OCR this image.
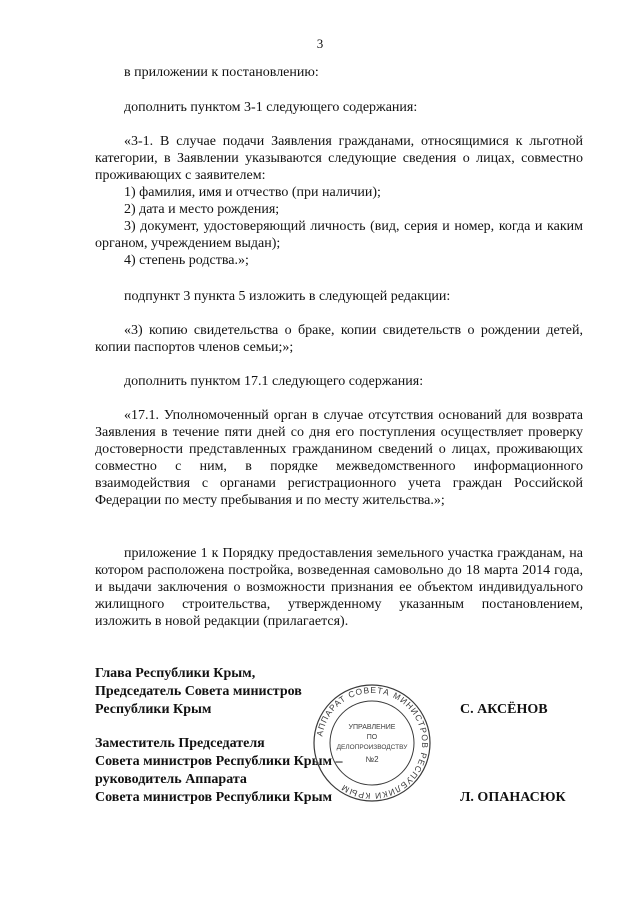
3

в приложении к постановлению:

дополнить пунктом 3-1 следующего содержания:

«3-1. В случае подачи Заявления гражданами, относящимися к льготной категории, в Заявлении указываются следующие сведения о лицах, совместно проживающих с заявителем:

1) фамилия, имя и отчество (при наличии);

2) дата и место рождения;

3) документ, удостоверяющий личность (вид, серия и номер, когда и каким органом, учреждением выдан);

4) степень родства.»;

подпункт 3 пункта 5 изложить в следующей редакции:

«3) копию свидетельства о браке, копии свидетельств о рождении детей, копии паспортов членов семьи;»;

дополнить пунктом 17.1 следующего содержания:

«17.1. Уполномоченный орган в случае отсутствия оснований для возврата Заявления в течение пяти дней со дня его поступления осуществляет проверку достоверности представленных гражданином сведений о лицах, проживающих совместно с ним, в порядке межведомственного информационного взаимодействия с органами регистрационного учета граждан Российской Федерации по месту пребывания и по месту жительства.»;

приложение 1 к Порядку предоставления земельного участка гражданам, на котором расположена постройка, возведенная самовольно до 18 марта 2014 года, и выдачи заключения о возможности признания ее объектом индивидуального жилищного строительства, утвержденному указанным постановлением, изложить в новой редакции (прилагается).

Глава Республики Крым,
Председатель Совета министров
Республики Крым	С. АКСЁНОВ
Заместитель Председателя
Совета министров Республики Крым –
руководитель Аппарата
Совета министров Республики Крым	Л. ОПАНАСЮК
АППАРАТ СОВЕТА МИНИСТРОВ РЕСПУБЛИКИ КРЫМ
УПРАВЛЕНИЕ
ПО
ДЕЛОПРОИЗВОДСТВУ
№2
